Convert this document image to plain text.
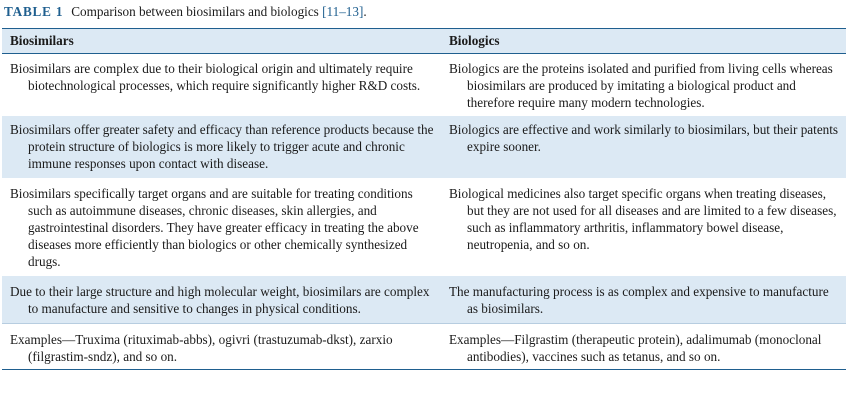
TABLE 1 Comparison between biosimilars and biologics [11–13].
Biosimilars	Biologics
Biosimilars are complex due to their biological origin and ultimately require biotechnological processes, which require significantly higher R&D costs.
Biologics are the proteins isolated and purified from living cells whereas biosimilars are produced by imitating a biological product and therefore require many modern technologies.
Biosimilars offer greater safety and efficacy than reference products because the protein structure of biologics is more likely to trigger acute and chronic immune responses upon contact with disease.
Biologics are effective and work similarly to biosimilars, but their patents expire sooner.
Biosimilars specifically target organs and are suitable for treating conditions such as autoimmune diseases, chronic diseases, skin allergies, and gastrointestinal disorders. They have greater efficacy in treating the above diseases more efficiently than biologics or other chemically synthesized drugs.
Biological medicines also target specific organs when treating diseases, but they are not used for all diseases and are limited to a few diseases, such as inflammatory arthritis, inflammatory bowel disease, neutropenia, and so on.
Due to their large structure and high molecular weight, biosimilars are complex to manufacture and sensitive to changes in physical conditions.
The manufacturing process is as complex and expensive to manufacture as biosimilars.
Examples—Truxima (rituximab-abbs), ogivri (trastuzumab-dkst), zarxio (filgrastim-sndz), and so on.
Examples—Filgrastim (therapeutic protein), adalimumab (monoclonal antibodies), vaccines such as tetanus, and so on.
